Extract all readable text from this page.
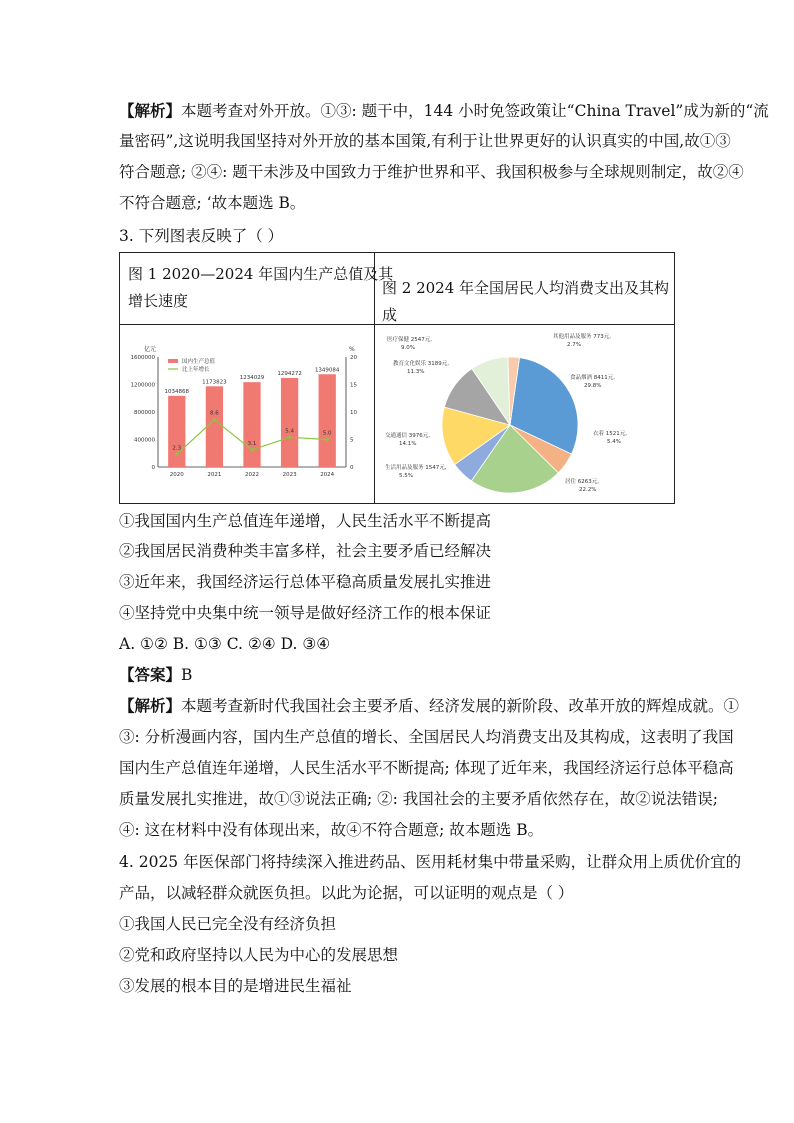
【解析】本题考查对外开放。①③: 题干中，144 小时免签政策让“China Travel”成为新的“流
量密码”,这说明我国坚持对外开放的基本国策,有利于让世界更好的认识真实的中国,故①③
符合题意; ②④: 题干未涉及中国致力于维护世界和平、我国积极参与全球规则制定，故②④
不符合题意; ‘故本题选 B。
3. 下列图表反映了（ ）
图 1 2020—2024 年国内生产总值及其
增长速度
图 2 2024 年全国居民人均消费支出及其构成
亿元	%
0
400000
800000
1200000
1600000
0
5
10
15
20
1034868
2020
1173823
2021
1234029
2022
1294272
2023
1349084
2024
2.3
8.6
3.1
5.4	5.0
国内生产总值
比上年增长
食品烟酒 8411元,
29.8%
衣着 1521元,
5.4%
居住 6263元,
22.2%
生活用品及服务 1547元,
5.5%
交通通信 3976元,
14.1%
教育文化娱乐 3189元,
11.3%
医疗保健 2547元,
9.0%
其他用品及服务 773元,
2.7%
①我国国内生产总值连年递增，人民生活水平不断提高
②我国居民消费种类丰富多样，社会主要矛盾已经解决
③近年来，我国经济运行总体平稳高质量发展扎实推进
④坚持党中央集中统一领导是做好经济工作的根本保证
A. ①② B. ①③ C. ②④ D. ③④
【答案】B
【解析】本题考查新时代我国社会主要矛盾、经济发展的新阶段、改革开放的辉煌成就。①
③: 分析漫画内容，国内生产总值的增长、全国居民人均消费支出及其构成，这表明了我国
国内生产总值连年递增，人民生活水平不断提高; 体现了近年来，我国经济运行总体平稳高
质量发展扎实推进，故①③说法正确; ②: 我国社会的主要矛盾依然存在，故②说法错误;
④: 这在材料中没有体现出来，故④不符合题意; 故本题选 B。
4. 2025 年医保部门将持续深入推进药品、医用耗材集中带量采购，让群众用上质优价宜的
产品，以减轻群众就医负担。以此为论据，可以证明的观点是（ ）
①我国人民已完全没有经济负担
②党和政府坚持以人民为中心的发展思想
③发展的根本目的是增进民生福祉
